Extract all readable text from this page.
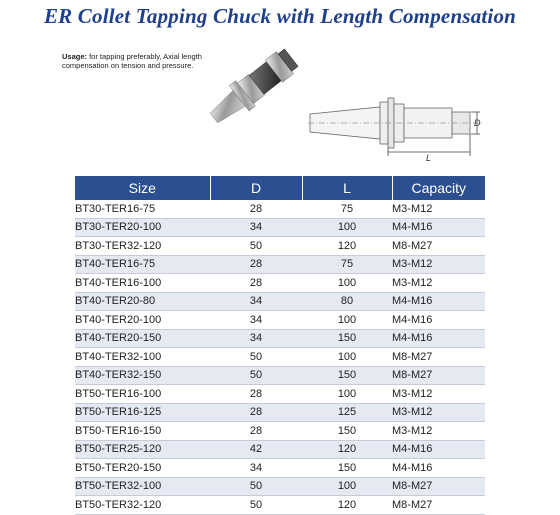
ER Collet Tapping Chuck with Length Compensation
Usage: for tapping preferably, Axial length compensation on tension and pressure.
D
L
Size	D	L	Capacity
BT30-TER16-75	28	75	M3-M12
BT30-TER20-100	34	100	M4-M16
BT30-TER32-120	50	120	M8-M27
BT40-TER16-75	28	75	M3-M12
BT40-TER16-100	28	100	M3-M12
BT40-TER20-80	34	80	M4-M16
BT40-TER20-100	34	100	M4-M16
BT40-TER20-150	34	150	M4-M16
BT40-TER32-100	50	100	M8-M27
BT40-TER32-150	50	150	M8-M27
BT50-TER16-100	28	100	M3-M12
BT50-TER16-125	28	125	M3-M12
BT50-TER16-150	28	150	M3-M12
BT50-TER25-120	42	120	M4-M16
BT50-TER20-150	34	150	M4-M16
BT50-TER32-100	50	100	M8-M27
BT50-TER32-120	50	120	M8-M27
